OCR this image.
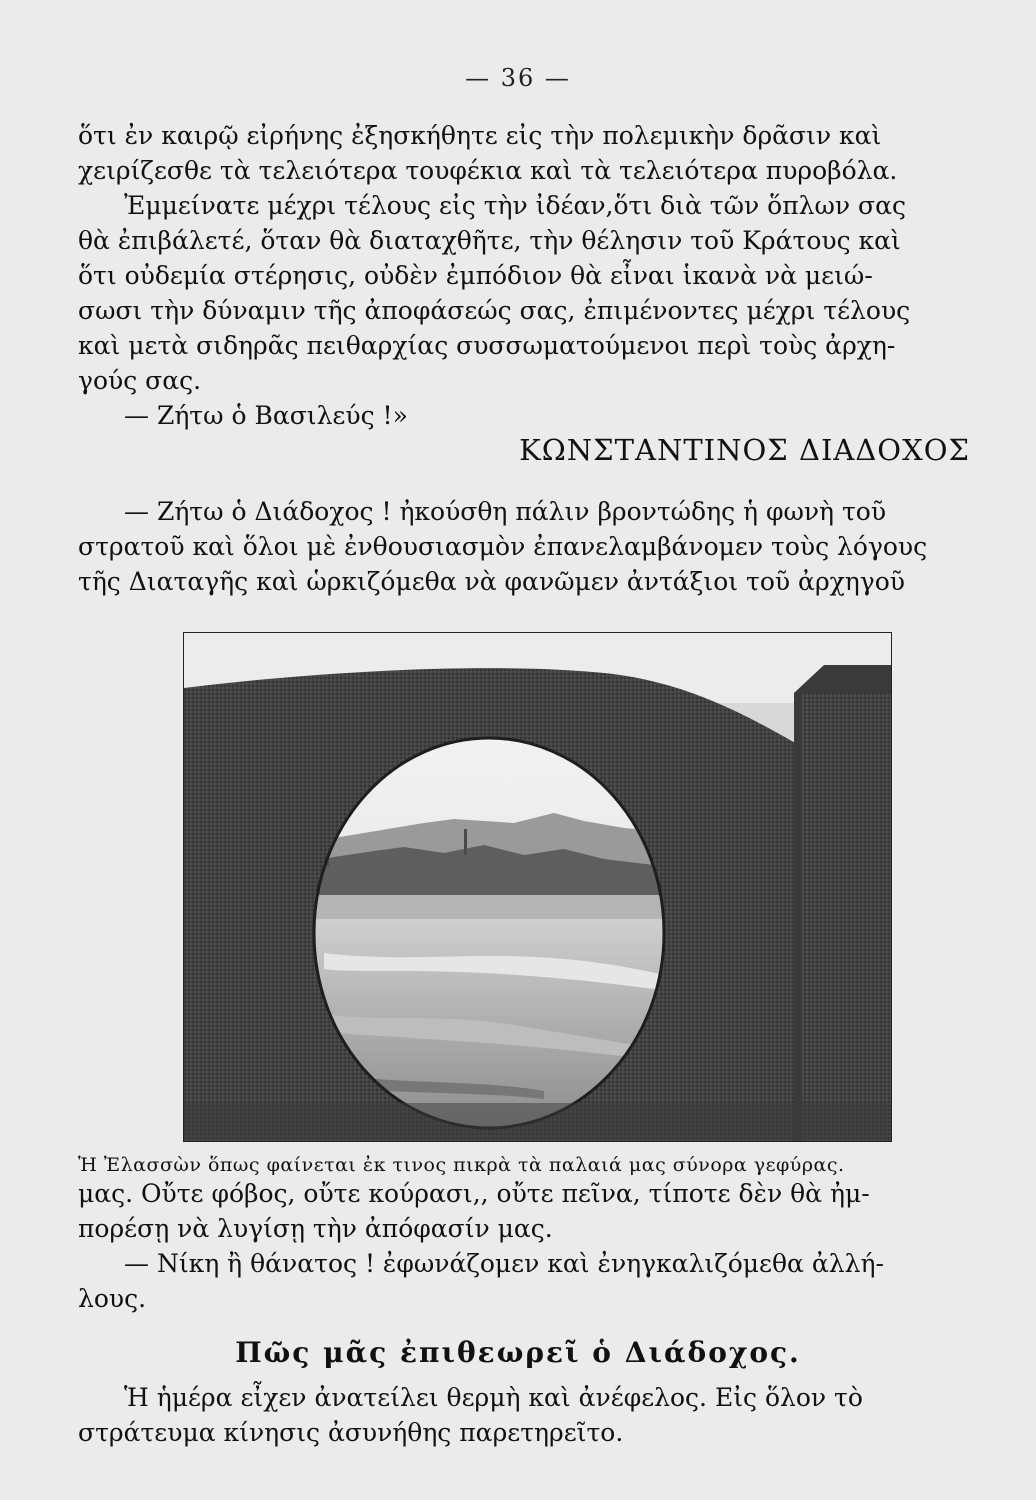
— 36 —
ὅτι ἐν καιρῷ εἰρήνης ἐξησκήθητε εἰς τὴν πολεμικὴν δρᾶσιν καὶ
χειρίζεσθε τὰ τελειότερα τουφέκια καὶ τὰ τελειότερα πυροβόλα.
Ἐμμείνατε μέχρι τέλους εἰς τὴν ἰδέαν,ὅτι διὰ τῶν ὅπλων σας
θὰ ἐπιβάλετέ, ὅταν θὰ διαταχθῆτε, τὴν θέλησιν τοῦ Κράτους καὶ
ὅτι οὐδεμία στέρησις, οὐδὲν ἐμπόδιον θὰ εἶναι ἱκανὰ νὰ μειώ-
σωσι τὴν δύναμιν τῆς ἀποφάσεώς σας, ἐπιμένοντες μέχρι τέλους
καὶ μετὰ σιδηρᾶς πειθαρχίας συσσωματούμενοι περὶ τοὺς ἀρχη-
γούς σας.
— Ζήτω ὁ Βασιλεύς !»
ΚΩΝΣΤΑΝΤΙΝΟΣ ΔΙΑΔΟΧΟΣ
— Ζήτω ὁ Διάδοχος ! ἠκούσθη πάλιν βροντώδης ἡ φωνὴ τοῦ
στρατοῦ καὶ ὅλοι μὲ ἐνθουσιασμὸν ἐπανελαμβάνομεν τοὺς λόγους
τῆς Διαταγῆς καὶ ὡρκιζόμεθα νὰ φανῶμεν ἀντάξιοι τοῦ ἀρχηγοῦ
Ἡ Ἐλασσὼν ὅπως φαίνεται ἐκ τινος πικρὰ τὰ παλαιά μας σύνορα γεφύρας.
μας. Οὔτε φόβος, οὔτε κούρασι,, οὔτε πεῖνα, τίποτε δὲν θὰ ἠμ-
πορέσῃ νὰ λυγίσῃ τὴν ἀπόφασίν μας.
— Νίκη ἢ θάνατος ! ἐφωνάζομεν καὶ ἐνηγκαλιζόμεθα ἀλλή-
λους.
Πῶς μᾶς ἐπιθεωρεῖ ὁ Διάδοχος.
Ἡ ἡμέρα εἶχεν ἀνατείλει θερμὴ καὶ ἀνέφελος. Εἰς ὅλον τὸ
στράτευμα κίνησις ἀσυνήθης παρετηρεῖτο.
